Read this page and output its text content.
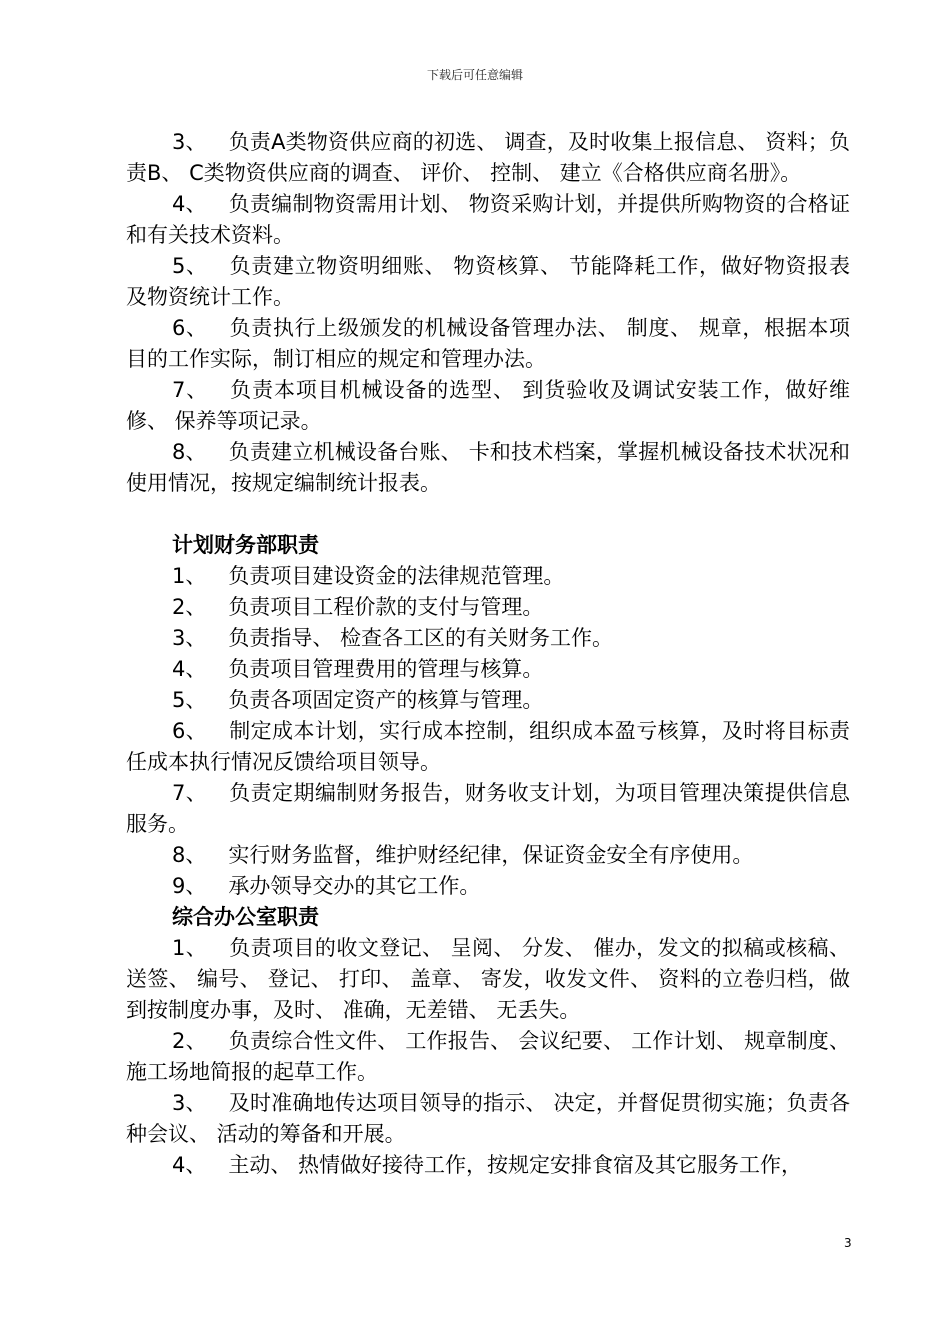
下载后可任意编辑

3、 负责A类物资供应商的初选、 调查，及时收集上报信息、 资料；负责B、 C类物资供应商的调查、 评价、 控制、 建立《合格供应商名册》。

4、 负责编制物资需用计划、 物资采购计划，并提供所购物资的合格证和有关技术资料。

5、 负责建立物资明细账、 物资核算、 节能降耗工作，做好物资报表及物资统计工作。

6、 负责执行上级颁发的机械设备管理办法、 制度、 规章，根据本项目的工作实际，制订相应的规定和管理办法。

7、 负责本项目机械设备的选型、 到货验收及调试安装工作，做好维修、 保养等项记录。

8、 负责建立机械设备台账、 卡和技术档案，掌握机械设备技术状况和使用情况，按规定编制统计报表。

计划财务部职责

1、 负责项目建设资金的法律规范管理。

2、 负责项目工程价款的支付与管理。

3、 负责指导、 检查各工区的有关财务工作。

4、 负责项目管理费用的管理与核算。

5、 负责各项固定资产的核算与管理。

6、 制定成本计划，实行成本控制，组织成本盈亏核算，及时将目标责任成本执行情况反馈给项目领导。

7、 负责定期编制财务报告，财务收支计划，为项目管理决策提供信息服务。

8、 实行财务监督，维护财经纪律，保证资金安全有序使用。

9、 承办领导交办的其它工作。

综合办公室职责

1、 负责项目的收文登记、 呈阅、 分发、 催办，发文的拟稿或核稿、 送签、 编号、 登记、 打印、 盖章、 寄发，收发文件、 资料的立卷归档，做到按制度办事，及时、 准确，无差错、 无丢失。

2、 负责综合性文件、 工作报告、 会议纪要、 工作计划、 规章制度、 施工场地简报的起草工作。

3、 及时准确地传达项目领导的指示、 决定，并督促贯彻实施；负责各种会议、 活动的筹备和开展。

4、 主动、 热情做好接待工作，按规定安排食宿及其它服务工作，

3
